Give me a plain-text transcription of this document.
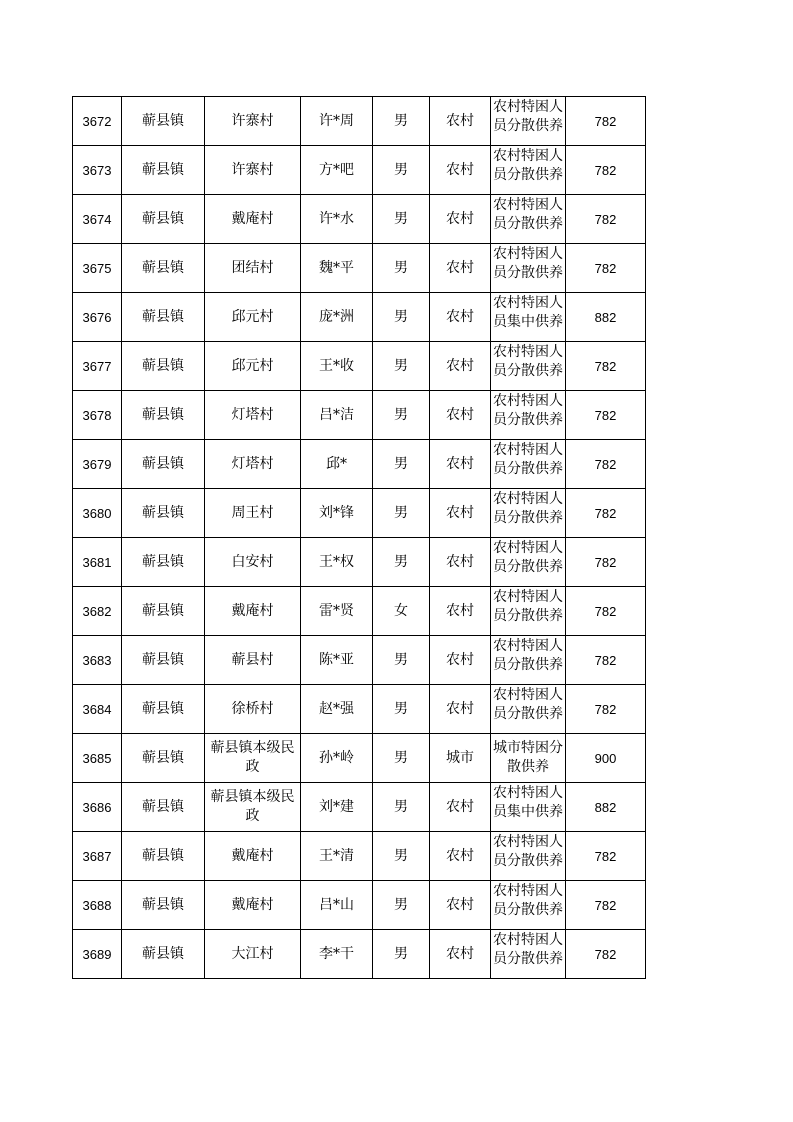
3672	蕲县镇	许寨村	许*周	男	农村	农村特困人员分散供养	782
3673	蕲县镇	许寨村	方*吧	男	农村	农村特困人员分散供养	782
3674	蕲县镇	戴庵村	许*水	男	农村	农村特困人员分散供养	782
3675	蕲县镇	团结村	魏*平	男	农村	农村特困人员分散供养	782
3676	蕲县镇	邱元村	庞*洲	男	农村	农村特困人员集中供养	882
3677	蕲县镇	邱元村	王*收	男	农村	农村特困人员分散供养	782
3678	蕲县镇	灯塔村	吕*洁	男	农村	农村特困人员分散供养	782
3679	蕲县镇	灯塔村	邱*	男	农村	农村特困人员分散供养	782
3680	蕲县镇	周王村	刘*锋	男	农村	农村特困人员分散供养	782
3681	蕲县镇	白安村	王*权	男	农村	农村特困人员分散供养	782
3682	蕲县镇	戴庵村	雷*贤	女	农村	农村特困人员分散供养	782
3683	蕲县镇	蕲县村	陈*亚	男	农村	农村特困人员分散供养	782
3684	蕲县镇	徐桥村	赵*强	男	农村	农村特困人员分散供养	782
3685	蕲县镇	蕲县镇本级民政	孙*岭	男	城市	城市特困分散供养	900
3686	蕲县镇	蕲县镇本级民政	刘*建	男	农村	农村特困人员集中供养	882
3687	蕲县镇	戴庵村	王*清	男	农村	农村特困人员分散供养	782
3688	蕲县镇	戴庵村	吕*山	男	农村	农村特困人员分散供养	782
3689	蕲县镇	大江村	李*干	男	农村	农村特困人员分散供养	782
